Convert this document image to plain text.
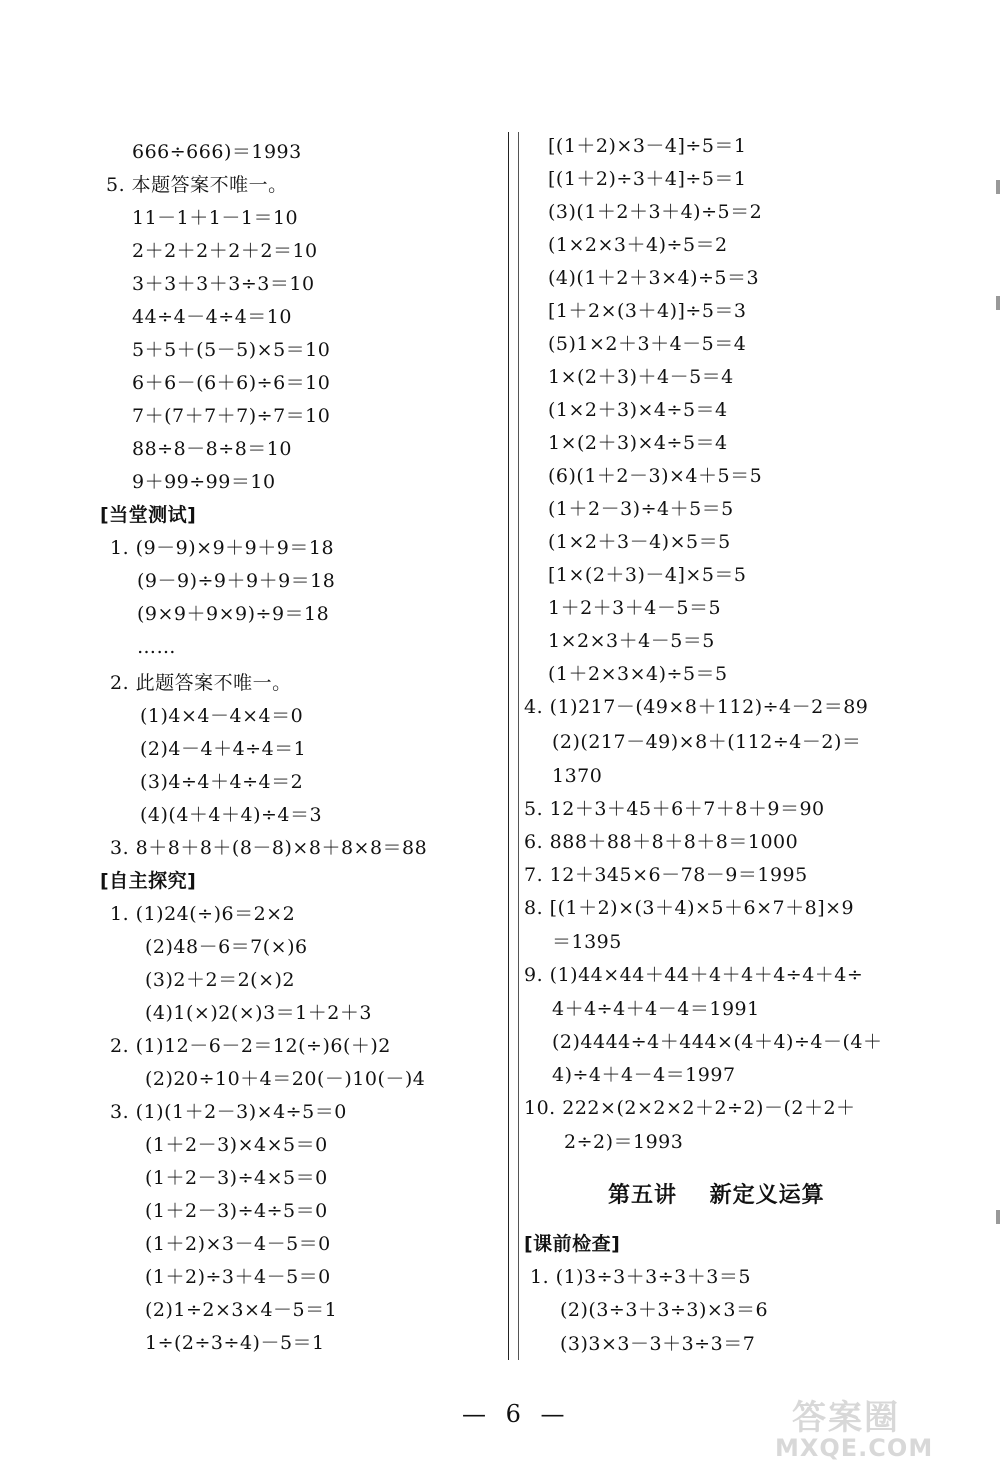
666÷666)＝1993
5. 本题答案不唯一。
11－1＋1－1＝10
2＋2＋2＋2＋2＝10
3＋3＋3＋3÷3＝10
44÷4－4÷4＝10
5＋5＋(5－5)×5＝10
6＋6－(6＋6)÷6＝10
7＋(7＋7＋7)÷7＝10
88÷8－8÷8＝10
9＋99÷99＝10
[当堂测试]
1. (9－9)×9＋9＋9＝18
(9－9)÷9＋9＋9＝18
(9×9＋9×9)÷9＝18
……
2. 此题答案不唯一。
(1)4×4－4×4＝0
(2)4－4＋4÷4＝1
(3)4÷4＋4÷4＝2
(4)(4＋4＋4)÷4＝3
3. 8＋8＋8＋(8－8)×8＋8×8＝88
[自主探究]
1. (1)24(÷)6＝2×2
(2)48－6＝7(×)6
(3)2＋2＝2(×)2
(4)1(×)2(×)3＝1＋2＋3
2. (1)12－6－2＝12(÷)6(＋)2
(2)20÷10＋4＝20(－)10(－)4
3. (1)(1＋2－3)×4÷5＝0
(1＋2－3)×4×5＝0
(1＋2－3)÷4×5＝0
(1＋2－3)÷4÷5＝0
(1＋2)×3－4－5＝0
(1＋2)÷3＋4－5＝0
(2)1÷2×3×4－5＝1
1÷(2÷3÷4)－5＝1
[(1＋2)×3－4]÷5＝1
[(1＋2)÷3＋4]÷5＝1
(3)(1＋2＋3＋4)÷5＝2
(1×2×3＋4)÷5＝2
(4)(1＋2＋3×4)÷5＝3
[1＋2×(3＋4)]÷5＝3
(5)1×2＋3＋4－5＝4
1×(2＋3)＋4－5＝4
(1×2＋3)×4÷5＝4
1×(2＋3)×4÷5＝4
(6)(1＋2－3)×4＋5＝5
(1＋2－3)÷4＋5＝5
(1×2＋3－4)×5＝5
[1×(2＋3)－4]×5＝5
1＋2＋3＋4－5＝5
1×2×3＋4－5＝5
(1＋2×3×4)÷5＝5
4. (1)217－(49×8＋112)÷4－2＝89
(2)(217－49)×8＋(112÷4－2)＝
1370
5. 12＋3＋45＋6＋7＋8＋9＝90
6. 888＋88＋8＋8＋8＝1000
7. 12＋345×6－78－9＝1995
8. [(1＋2)×(3＋4)×5＋6×7＋8]×9
＝1395
9. (1)44×44＋44＋4＋4＋4÷4＋4÷
4＋4÷4＋4－4＝1991
(2)4444÷4＋444×(4＋4)÷4－(4＋
4)÷4＋4－4＝1997
10. 222×(2×2×2＋2÷2)－(2＋2＋
2÷2)＝1993
第五讲 新定义运算
[课前检查]
1. (1)3÷3＋3÷3＋3＝5
(2)(3÷3＋3÷3)×3＝6
(3)3×3－3＋3÷3＝7
— 6 —	答案圈
MXQE.COM
